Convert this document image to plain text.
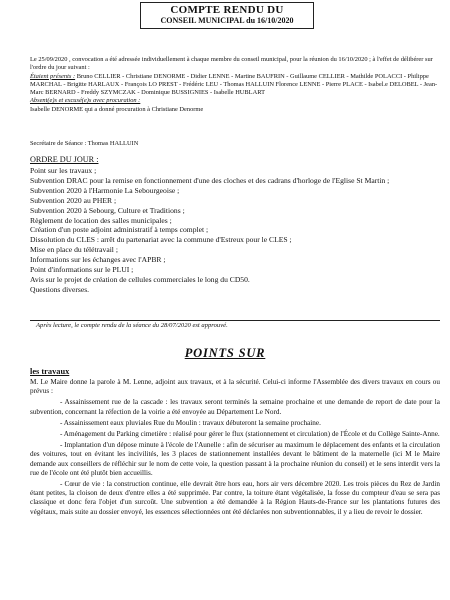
COMPTE RENDU DU
CONSEIL MUNICIPAL du 16/10/2020
Le 25/09/2020 , convocation a été adressée individuellement à chaque membre du conseil municipal, pour la réunion du 16/10/2020 ; à l'effet de délibérer sur l'ordre du jour suivant :
Étaient présents : Bruno CELLIER - Christiane DENORME - Didier LENNE - Martine BAUFRIN - Guillaume CELLIER - Mathilde POLACCI - Philippe MARCHAL - Brigitte HARLAUX - François LO PREST - Frédéric LEU - Thomas HALLUIN Florence LENNE - Pierre PLACE - Isabel.e DELOBEL - Jean-Marc BERNARD - Freddy SZYMCZAK - Dominique BUSSIGNIES - Isabelle HUBLART
Absent(e)s et excusé(e)s avec procuration :
Isabelle DENORME qui a donné procuration à Christiane Denorme
Secrétaire de Séance : Thomas HALLUIN
ORDRE DU JOUR :
Point sur les travaux ;
Subvention DRAC pour la remise en fonctionnement d'une des cloches et des cadrans d'horloge de l'Eglise St Martin ;
Subvention 2020 à l'Harmonie La Sebourgeoise ;
Subvention 2020 au PHER ;
Subvention 2020 à Sebourg, Culture et Traditions ;
Règlement de location des salles municipales ;
Création d'un poste adjoint administratif à temps complet ;
Dissolution du CLES : arrêt du partenariat avec la commune d'Estreux pour le CLES ;
Mise en place du télétravail ;
Informations sur les échanges avec l'APBR ;
Point d'informations sur le PLUI ;
Avis sur le projet de création de cellules commerciales le long du CD50.
Questions diverses.
Après lecture, le compte rendu de la séance du 28/07/2020 est approuvé.
POINTS SUR
les travaux

M. Le Maire donne la parole à M. Lenne, adjoint aux travaux, et à la sécurité. Celui-ci informe l'Assemblée des divers travaux en cours ou prévus :

- Assainissement rue de la cascade : les travaux seront terminés la semaine prochaine et une demande de report de date pour la subvention, concernant la réfection de la voirie a été envoyée au Département Le Nord.

- Assainissement eaux pluviales Rue du Moulin : travaux débuteront la semaine prochaine.

- Aménagement du Parking cimetière : réalisé pour gérer le flux (stationnement et circulation) de l'École et du Collège Sainte-Anne.

- Implantation d'un dépose minute à l'école de l'Aunelle : afin de sécuriser au maximum le déplacement des enfants et la circulation des voitures, tout en évitant les incivilités, les 3 places de stationnement installées devant le bâtiment de la maternelle (ici M le Maire demande aux conseillers de réfléchir sur le nom de cette voie, la question passant à la prochaine réunion du conseil) et le sens interdit vers la rue de l'école ont été plutôt bien accueillis.

- Cœur de vie : la construction continue, elle devrait être hors eau, hors air vers décembre 2020. Les trois pièces du Rez de Jardin étant petites, la cloison de deux d'entre elles a été supprimée. Par contre, la toiture étant végétalisée, la fosse du compteur d'eau se sera pas classique et donc fera l'objet d'un surcoût. Une subvention a été demandée à la Région Hauts-de-France sur les plantations futures des végétaux, mais suite au dossier envoyé, les essences sélectionnées ont été déclarées non subventionnables, il y a lieu de revoir le dossier.
